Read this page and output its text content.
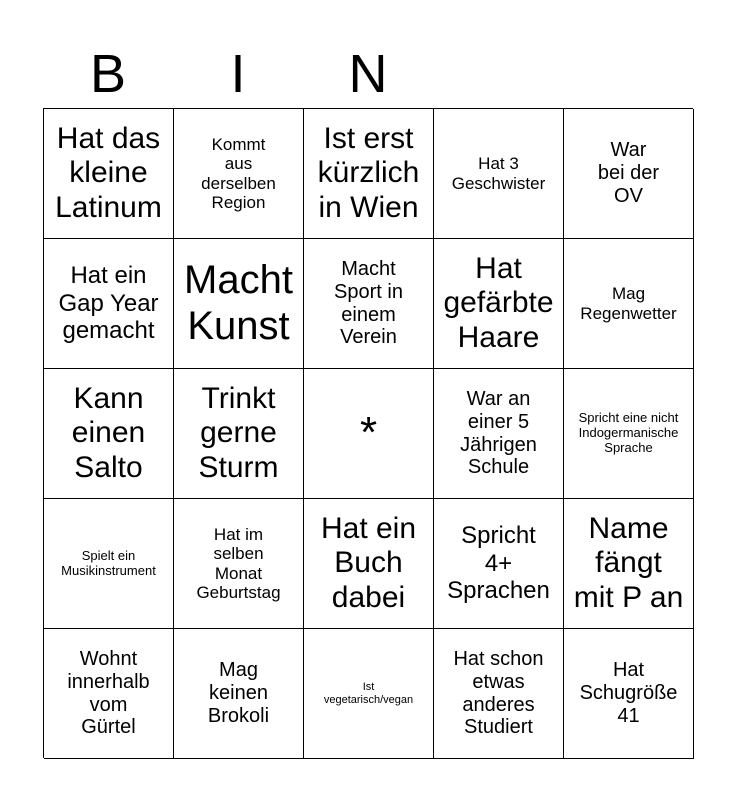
B	I	N
Hat das
kleine
Latinum
Kommt
aus
derselben
Region
Ist erst
kürzlich
in Wien
Hat 3
Geschwister
War
bei der
OV
Hat ein
Gap Year
gemacht
Macht
Kunst
Macht
Sport in
einem
Verein
Hat
gefärbte
Haare
Mag
Regenwetter
Kann
einen
Salto
Trinkt
gerne
Sturm
*
War an
einer 5
Jährigen
Schule
Spricht eine nicht
Indogermanische
Sprache
Spielt ein
Musikinstrument
Hat im
selben
Monat
Geburtstag
Hat ein
Buch
dabei
Spricht
4+
Sprachen
Name
fängt
mit P an
Wohnt
innerhalb
vom
Gürtel
Mag
keinen
Brokoli
Ist
vegetarisch/vegan
Hat schon
etwas
anderes
Studiert
Hat
Schugröße
41
